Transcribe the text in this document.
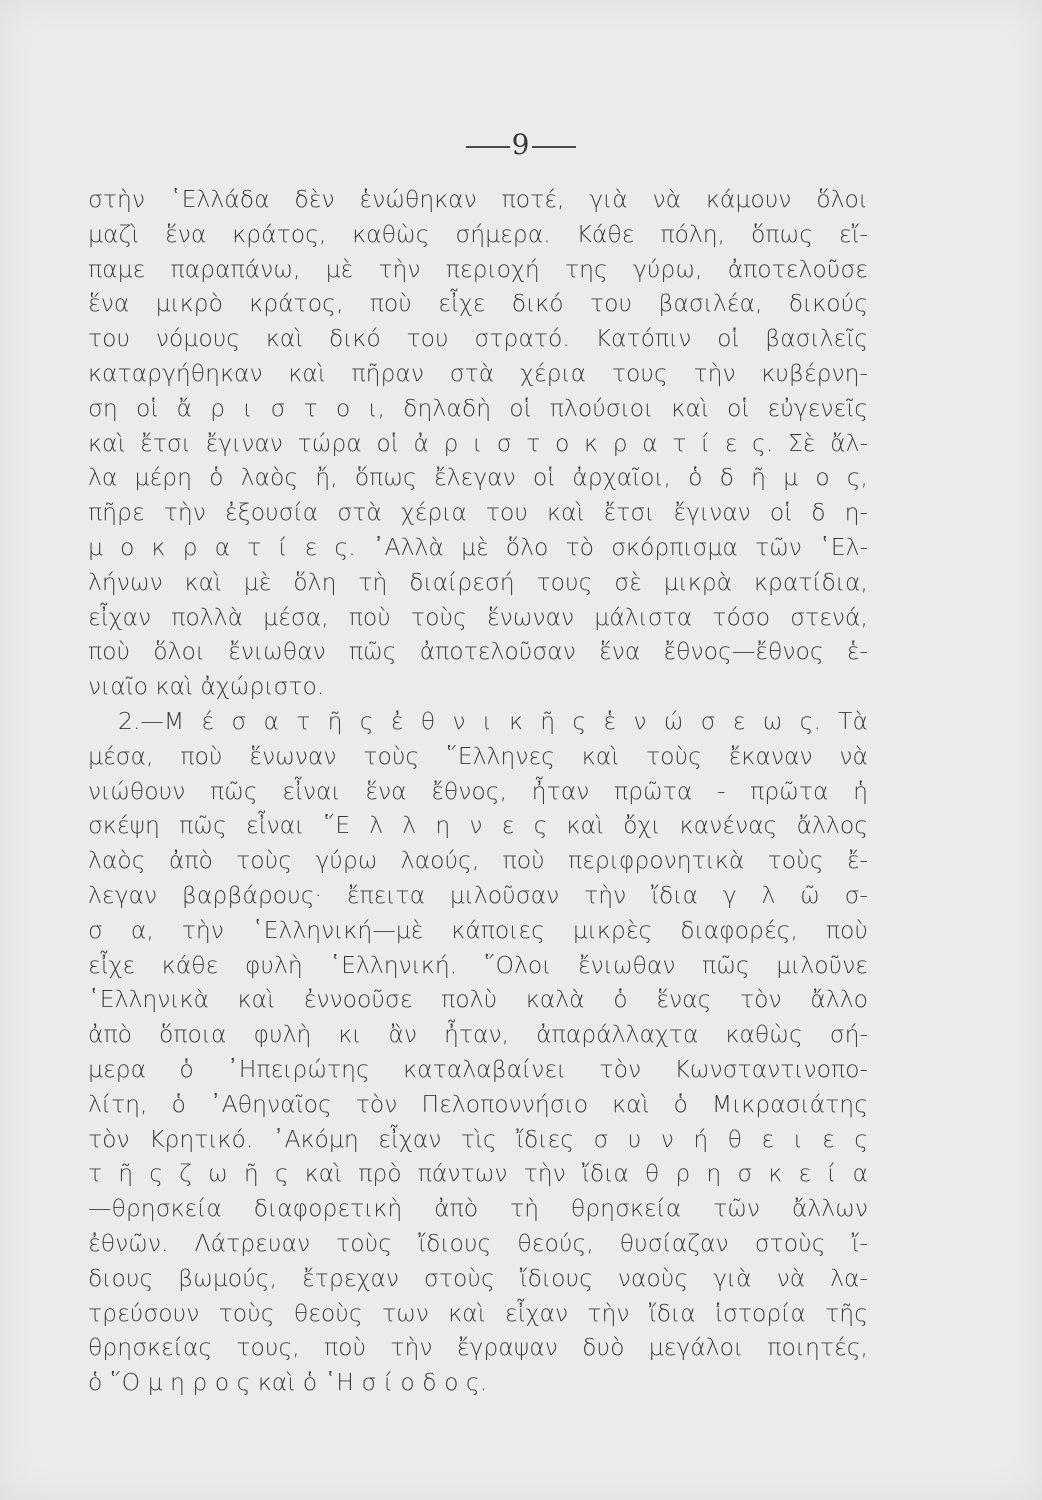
9
στὴν ῾Ελλάδα δὲν ἑνώθηκαν ποτέ, γιὰ νὰ κάμουν ὅλοι
μαζὶ ἕνα κράτος, καθὼς σήμερα. Κάθε πόλη, ὅπως εἴ-
παμε παραπάνω, μὲ τὴν περιοχή της γύρω, ἀποτελοῦσε
ἕνα μικρὸ κράτος, ποὺ εἶχε δικό του βασιλέα, δικούς
του νόμους καὶ δικό του στρατό. Κατόπιν οἱ βασιλεῖς
καταργήθηκαν καὶ πῆραν στὰ χέρια τους τὴν κυβέρνη-
ση οἱ ἄ ρ ι σ τ ο ι, δηλαδὴ οἱ πλούσιοι καὶ οἱ εὐγενεῖς
καὶ ἔτσι ἔγιναν τώρα οἱ ἀ ρ ι σ τ ο κ ρ α τ ί ε ς. Σὲ ἄλ-
λα μέρη ὁ λαὸς ἤ, ὅπως ἔλεγαν οἱ ἀρχαῖοι, ὁ δ ῆ μ ο ς,
πῆρε τὴν ἐξουσία στὰ χέρια του καὶ ἔτσι ἔγιναν οἱ δ η-
μ ο κ ρ α τ ί ε ς. ᾿Αλλὰ μὲ ὅλο τὸ σκόρπισμα τῶν ῾Ελ-
λήνων καὶ μὲ ὅλη τὴ διαίρεσή τους σὲ μικρὰ κρατίδια,
εἶχαν πολλὰ μέσα, ποὺ τοὺς ἕνωναν μάλιστα τόσο στενά,
ποὺ ὅλοι ἔνιωθαν πῶς ἀποτελοῦσαν ἕνα ἔθνος—ἔθνος ἑ-
νιαῖο καὶ ἀχώριστο.
2.—Μ έ σ α τ ῆ ς ἐ θ ν ι κ ῆ ς ἑ ν ώ σ ε ω ς. Τὰ
μέσα, ποὺ ἕνωναν τοὺς ῞Ελληνες καὶ τοὺς ἔκαναν νὰ
νιώθουν πῶς εἶναι ἕνα ἔθνος, ἦταν πρῶτα - πρῶτα ἡ
σκέψη πῶς εἶναι ῞Ε λ λ η ν ε ς καὶ ὄχι κανένας ἄλλος
λαὸς ἀπὸ τοὺς γύρω λαούς, ποὺ περιφρονητικὰ τοὺς ἔ-
λεγαν βαρβάρους· ἔπειτα μιλοῦσαν τὴν ἴδια γ λ ῶ σ-
σ α, τὴν ῾Ελληνική—μὲ κάποιες μικρὲς διαφορές, ποὺ
εἶχε κάθε φυλὴ ῾Ελληνική. ῞Ολοι ἔνιωθαν πῶς μιλοῦνε
῾Ελληνικὰ καὶ ἐννοοῦσε πολὺ καλὰ ὁ ἕνας τὸν ἄλλο
ἀπὸ ὅποια φυλὴ κι ἂν ἦταν, ἀπαράλλαχτα καθὼς σή-
μερα ὁ ᾿Ηπειρώτης καταλαβαίνει τὸν Κωνσταντινοπο-
λίτη, ὁ ᾿Αθηναῖος τὸν Πελοποννήσιο καὶ ὁ Μικρασιάτης
τὸν Κρητικό. ᾿Ακόμη εἶχαν τὶς ἴδιες σ υ ν ή θ ε ι ε ς
τ ῆ ς ζ ω ῆ ς καὶ πρὸ πάντων τὴν ἴδια θ ρ η σ κ ε ί α
—θρησκεία διαφορετικὴ ἀπὸ τὴ θρησκεία τῶν ἄλλων
ἐθνῶν. Λάτρευαν τοὺς ἴδιους θεούς, θυσίαζαν στοὺς ἴ-
διους βωμούς, ἔτρεχαν στοὺς ἴδιους ναοὺς γιὰ νὰ λα-
τρεύσουν τοὺς θεοὺς των καὶ εἶχαν τὴν ἴδια ἱστορία τῆς
θρησκείας τους, ποὺ τὴν ἔγραψαν δυὸ μεγάλοι ποιητές,
ὁ ῞Ο μ η ρ ο ς καὶ ὁ ῾Η σ ί ο δ ο ς.
